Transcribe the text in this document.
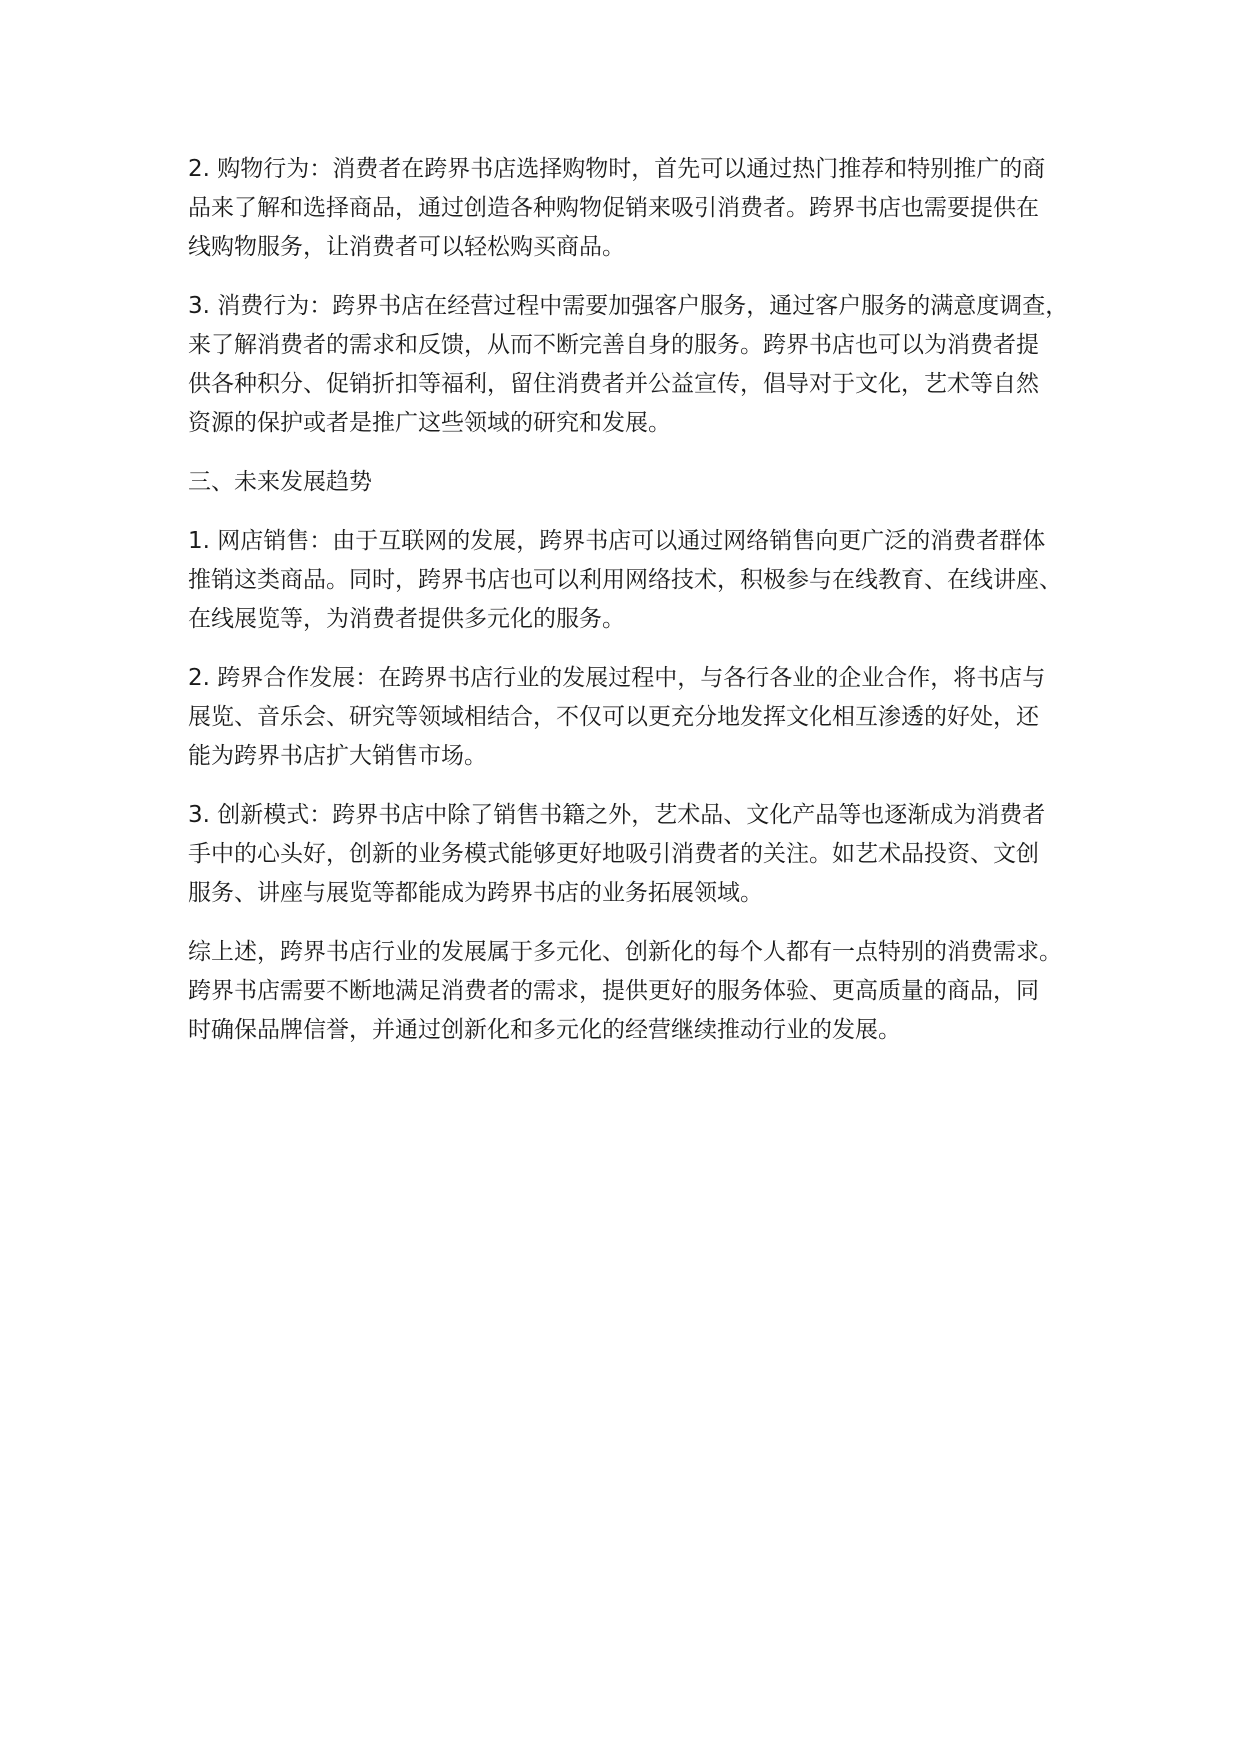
2. 购物行为：消费者在跨界书店选择购物时，首先可以通过热门推荐和特别推广的商
品来了解和选择商品，通过创造各种购物促销来吸引消费者。跨界书店也需要提供在
线购物服务，让消费者可以轻松购买商品。
3. 消费行为：跨界书店在经营过程中需要加强客户服务，通过客户服务的满意度调查，
来了解消费者的需求和反馈，从而不断完善自身的服务。跨界书店也可以为消费者提
供各种积分、促销折扣等福利，留住消费者并公益宣传，倡导对于文化，艺术等自然
资源的保护或者是推广这些领域的研究和发展。
三、未来发展趋势
1. 网店销售：由于互联网的发展，跨界书店可以通过网络销售向更广泛的消费者群体
推销这类商品。同时，跨界书店也可以利用网络技术，积极参与在线教育、在线讲座、
在线展览等，为消费者提供多元化的服务。
2. 跨界合作发展：在跨界书店行业的发展过程中，与各行各业的企业合作，将书店与
展览、音乐会、研究等领域相结合，不仅可以更充分地发挥文化相互渗透的好处，还
能为跨界书店扩大销售市场。
3. 创新模式：跨界书店中除了销售书籍之外，艺术品、文化产品等也逐渐成为消费者
手中的心头好，创新的业务模式能够更好地吸引消费者的关注。如艺术品投资、文创
服务、讲座与展览等都能成为跨界书店的业务拓展领域。
综上述，跨界书店行业的发展属于多元化、创新化的每个人都有一点特别的消费需求。
跨界书店需要不断地满足消费者的需求，提供更好的服务体验、更高质量的商品，同
时确保品牌信誉，并通过创新化和多元化的经营继续推动行业的发展。
